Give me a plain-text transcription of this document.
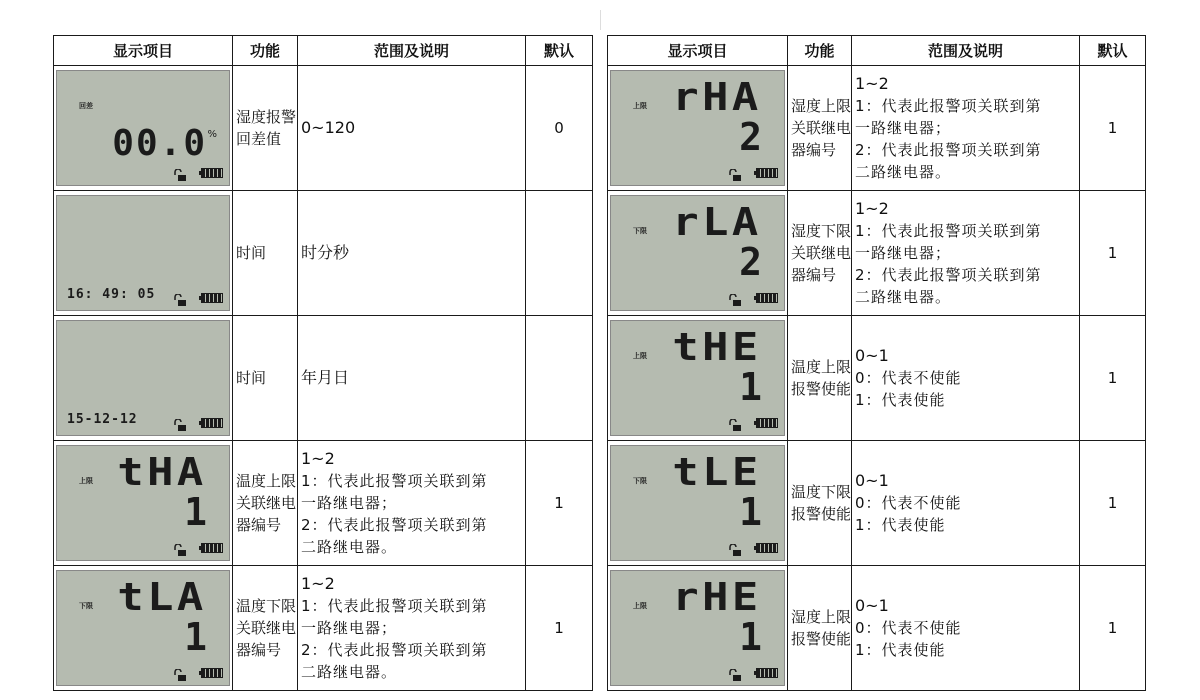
显示项目	功能	范围及说明	默认

回差
00.0 %	湿度报警回差值	0~120	0

16: 49: 05	时间	时分秒	

15-12-12	时间	年月日	

上限 tHA
1	温度上限关联继电器编号	1~2
1：代表此报警项关联到第
一路继电器；
2：代表此报警项关联到第
二路继电器。	1

下限 tLA
1	温度下限关联继电器编号	1~2
1：代表此报警项关联到第
一路继电器；
2：代表此报警项关联到第
二路继电器。	1
显示项目	功能	范围及说明	默认

上限 rHA
2	湿度上限关联继电器编号	1~2
1：代表此报警项关联到第
一路继电器；
2：代表此报警项关联到第
二路继电器。	1

下限 rLA
2	湿度下限关联继电器编号	1~2
1：代表此报警项关联到第
一路继电器；
2：代表此报警项关联到第
二路继电器。	1

上限 tHE
1	温度上限报警使能	0~1
0：代表不使能
1：代表使能	1

下限 tLE
1	温度下限报警使能	0~1
0：代表不使能
1：代表使能	1

上限 rHE
1	湿度上限报警使能	0~1
0：代表不使能
1：代表使能	1
